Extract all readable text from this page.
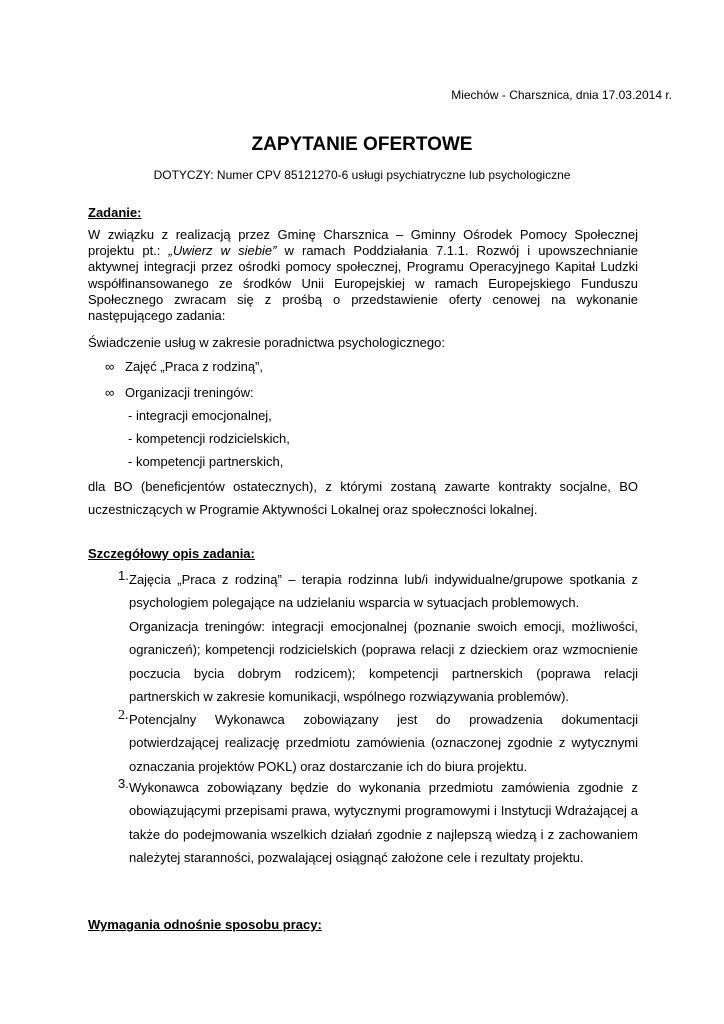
Miechów - Charsznica, dnia 17.03.2014 r.
ZAPYTANIE OFERTOWE
DOTYCZY: Numer CPV 85121270-6 usługi psychiatryczne lub psychologiczne
Zadanie:
W związku z realizacją przez Gminę Charsznica – Gminny Ośrodek Pomocy Społecznej projektu pt.: „Uwierz w siebie” w ramach Poddziałania 7.1.1. Rozwój i upowszechnianie aktywnej integracji przez ośrodki pomocy społecznej, Programu Operacyjnego Kapitał Ludzki współfinansowanego ze środków Unii Europejskiej w ramach Europejskiego Funduszu Społecznego zwracam się z prośbą o przedstawienie oferty cenowej na wykonanie następującego zadania:
Świadczenie usług w zakresie poradnictwa psychologicznego:
∞ Zajęć „Praca z rodziną”,
∞ Organizacji treningów:
- integracji emocjonalnej,
- kompetencji rodzicielskich,
- kompetencji partnerskich,
dla BO (beneficjentów ostatecznych), z którymi zostaną zawarte kontrakty socjalne, BO uczestniczących w Programie Aktywności Lokalnej oraz społeczności lokalnej.
Szczegółowy opis zadania:
1. Zajęcia „Praca z rodziną” – terapia rodzinna lub/i indywidualne/grupowe spotkania z psychologiem polegające na udzielaniu wsparcia w sytuacjach problemowych.
Organizacja treningów: integracji emocjonalnej (poznanie swoich emocji, możliwości, ograniczeń); kompetencji rodzicielskich (poprawa relacji z dzieckiem oraz wzmocnienie poczucia bycia dobrym rodzicem); kompetencji partnerskich (poprawa relacji partnerskich w zakresie komunikacji, wspólnego rozwiązywania problemów).
2. Potencjalny Wykonawca zobowiązany jest do prowadzenia dokumentacji potwierdzającej realizację przedmiotu zamówienia (oznaczonej zgodnie z wytycznymi oznaczania projektów POKL) oraz dostarczanie ich do biura projektu.
3. Wykonawca zobowiązany będzie do wykonania przedmiotu zamówienia zgodnie z obowiązującymi przepisami prawa, wytycznymi programowymi i Instytucji Wdrażającej a także do podejmowania wszelkich działań zgodnie z najlepszą wiedzą i z zachowaniem należytej staranności, pozwalającej osiągnąć założone cele i rezultaty projektu.
Wymagania odnośnie sposobu pracy:
